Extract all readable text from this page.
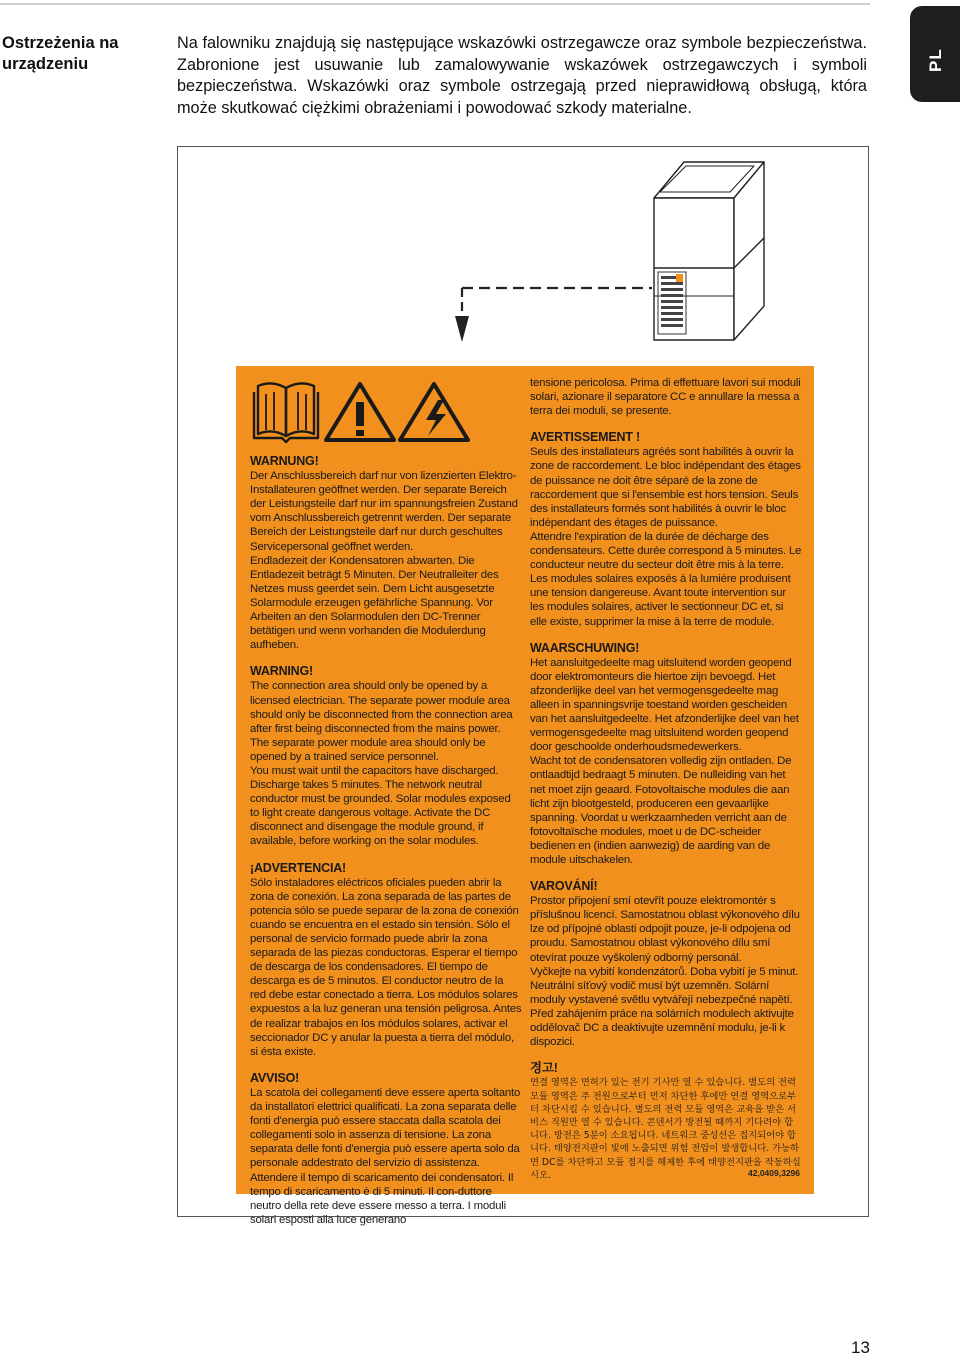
Ostrzeżenia na
urządzeniu
Na falowniku znajdują się następujące wskazówki ostrzegawcze oraz symbole bezpieczeństwa. Zabronione jest usuwanie lub zamalowywanie wskazówek ostrzegawczych i symboli bezpieczeństwa. Wskazówki oraz symbole ostrzegają przed nieprawidłową obsługą, która może skutkować ciężkimi obrażeniami i powodować szkody materialne.
PL
WARNUNG!
Der Anschlussbereich darf nur von lizenzierten Elektro-Installateuren geöffnet werden. Der separate Bereich der Leistungsteile darf nur im spannungsfreien Zustand vom Anschlussbereich getrennt werden. Der separate Bereich der Leistungsteile darf nur durch geschultes Servicepersonal geöffnet werden.
Endladezeit der Kondensatoren abwarten. Die Entladezeit beträgt 5 Minuten. Der Neutralleiter des Netzes muss geerdet sein. Dem Licht ausgesetzte Solarmodule erzeugen gefährliche Spannung. Vor Arbeiten an den Solarmodulen den DC-Trenner betätigen und wenn vorhanden die Modulerdung aufheben.
WARNING!
The connection area should only be opened by a licensed electrician. The separate power module area should only be disconnected from the connection area after first being disconnected from the mains power. The separate power module area should only be opened by a trained service personnel.
You must wait until the capacitors have discharged. Discharge takes 5 minutes. The network neutral conductor must be grounded. Solar modules exposed to light create dangerous voltage. Activate the DC disconnect and disengage the module ground, if available, before working on the solar modules.
¡ADVERTENCIA!
Sólo instaladores eléctricos oficiales pueden abrir la zona de conexión. La zona separada de las partes de potencia sólo se puede separar de la zona de conexión cuando se encuentra en el estado sin tensión. Sólo el personal de servicio formado puede abrir la zona separada de las piezas conductoras. Esperar el tiempo de descarga de los condensadores. El tiempo de descarga es de 5 minutos. El conductor neutro de la red debe estar conectado a tierra. Los módulos solares expuestos a la luz generan una tensión peligrosa. Antes de realizar trabajos en los módulos solares, activar el seccionador DC y anular la puesta a tierra del módulo, si ésta existe.
AVVISO!
La scatola dei collegamenti deve essere aperta soltanto da installatori elettrici qualificati. La zona separata delle fonti d'energia può essere staccata dalla scatola dei collegamenti solo in assenza di tensione. La zona separata delle fonti d'energia può essere aperta solo da personale addestrato del servizio di assistenza. Attendere il tempo di scaricamento dei condensatori. Il tempo di scaricamento è di 5 minuti. Il con-duttore neutro della rete deve essere messo a terra. I moduli solari esposti alla luce generano
tensione pericolosa. Prima di effettuare lavori sui moduli solari, azionare il separatore CC e annullare la messa a terra dei moduli, se presente.
AVERTISSEMENT !
Seuls des installateurs agréés sont habilités à ouvrir la zone de raccordement. Le bloc indépendant des étages de puissance ne doit être séparé de la zone de raccordement que si l'ensemble est hors tension. Seuls des installateurs formés sont habilités à ouvrir le bloc indépendant des étages de puissance.
Attendre l'expiration de la durée de décharge des condensateurs. Cette durée correspond à 5 minutes. Le conducteur neutre du secteur doit être mis à la terre. Les modules solaires exposés à la lumière produisent une tension dangereuse. Avant toute intervention sur les modules solaires, activer le sectionneur DC et, si elle existe, supprimer la mise à la terre de module.
WAARSCHUWING!
Het aansluitgedeelte mag uitsluitend worden geopend door elektromonteurs die hiertoe zijn bevoegd. Het afzonderlijke deel van het vermogensgedeelte mag alleen in spanningsvrije toestand worden gescheiden van het aansluitgedeelte. Het afzonderlijke deel van het vermogensgedeelte mag uitsluitend worden geopend door geschoolde onderhoudsmedewerkers.
Wacht tot de condensatoren volledig zijn ontladen. De ontlaadtijd bedraagt 5 minuten. De nulleiding van het net moet zijn geaard. Fotovoltaische modules die aan licht zijn blootgesteld, produceren een gevaarlijke spanning. Voordat u werkzaamheden verricht aan de fotovoltaïsche modules, moet u de DC-scheider bedienen en (indien aanwezig) de aarding van de module uitschakelen.
VAROVÁNÍ!
Prostor připojení smí otevřít pouze elektromontér s příslušnou licencí. Samostatnou oblast výkonového dílu lze od přípojné oblasti odpojit pouze, je-li odpojena od proudu. Samostatnou oblast výkonového dílu smí otevírat pouze vyškolený odborný personál.
Vyčkejte na vybití kondenzátorů. Doba vybití je 5 minut. Neutrální síťový vodič musí být uzemněn. Solární moduly vystavené světlu vytvářejí nebezpečné napětí. Před zahájením práce na solárních modulech aktivujte oddělovač DC a deaktivujte uzemnění modulu, je-li k dispozici.
경고!
연결 영역은 면허가 있는 전기 기사만 열 수 있습니다. 별도의 전력 모듈 영역은 주 전원으로부터 먼저 차단한 후에만 연결 영역으로부터 차단시킬 수 있습니다. 별도의 전력 모듈 영역은 교육을 받은 서비스 직원만 열 수 있습니다. 콘덴서가 방전될 때까지 기다려야 합니다. 방전은 5분이 소요됩니다. 네트워크 중성선은 접지되어야 합니다. 태양전지판이 빛에 노출되면 위험 전압이 발생합니다. 가능하면 DC를 차단하고 모듈 접지를 해제한 후에 태양전지판을 작동하십시오.	42,0409,3296
13
